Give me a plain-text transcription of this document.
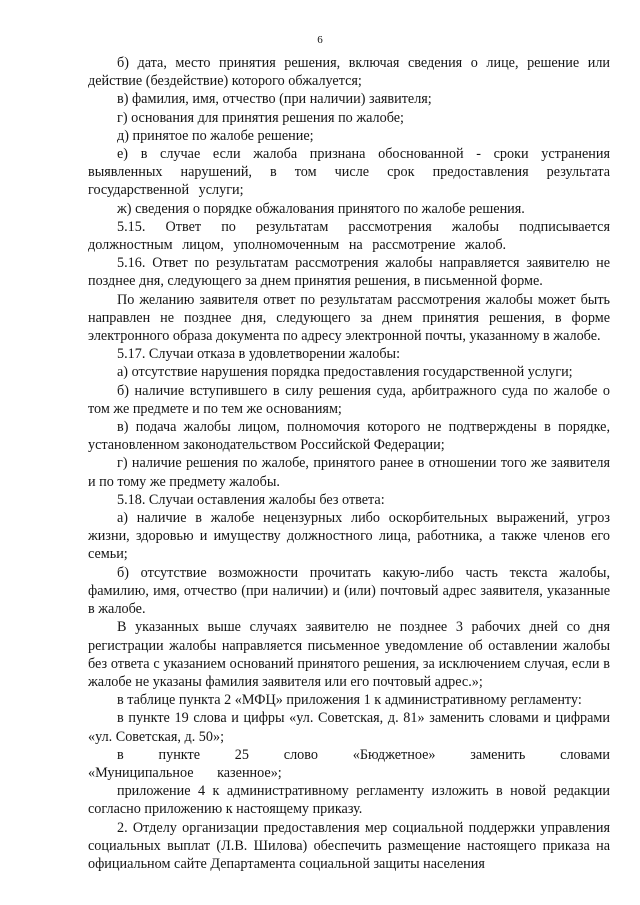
6

б) дата, место принятия решения, включая сведения о лице, решение или действие (бездействие) которого обжалуется;

в) фамилия, имя, отчество (при наличии) заявителя;

г) основания для принятия решения по жалобе;

д) принятое по жалобе решение;

е) в случае если жалоба признана обоснованной - сроки устранения выявленных нарушений, в том числе срок предоставления результата государственной услуги;

ж) сведения о порядке обжалования принятого по жалобе решения.

5.15. Ответ по результатам рассмотрения жалобы подписывается должностным лицом, уполномоченным на рассмотрение жалоб.

5.16. Ответ по результатам рассмотрения жалобы направляется заявителю не позднее дня, следующего за днем принятия решения, в письменной форме.

По желанию заявителя ответ по результатам рассмотрения жалобы может быть направлен не позднее дня, следующего за днем принятия решения, в форме электронного образа документа по адресу электронной почты, указанному в жалобе.

5.17. Случаи отказа в удовлетворении жалобы:

а) отсутствие нарушения порядка предоставления государственной услуги;

б) наличие вступившего в силу решения суда, арбитражного суда по жалобе о том же предмете и по тем же основаниям;

в) подача жалобы лицом, полномочия которого не подтверждены в порядке, установленном законодательством Российской Федерации;

г) наличие решения по жалобе, принятого ранее в отношении того же заявителя и по тому же предмету жалобы.

5.18. Случаи оставления жалобы без ответа:

а) наличие в жалобе нецензурных либо оскорбительных выражений, угроз жизни, здоровью и имуществу должностного лица, работника, а также членов его семьи;

б) отсутствие возможности прочитать какую-либо часть текста жалобы, фамилию, имя, отчество (при наличии) и (или) почтовый адрес заявителя, указанные в жалобе.

В указанных выше случаях заявителю не позднее 3 рабочих дней со дня регистрации жалобы направляется письменное уведомление об оставлении жалобы без ответа с указанием оснований принятого решения, за исключением случая, если в жалобе не указаны фамилия заявителя или его почтовый адрес.»;

в таблице пункта 2 «МФЦ» приложения 1 к административному регламенту:

в пункте 19 слова и цифры «ул. Советская, д. 81» заменить словами и цифрами «ул. Советская, д. 50»;

в пункте 25 слово «Бюджетное» заменить словами «Муниципальное казенное»;

приложение 4 к административному регламенту изложить в новой редакции согласно приложению к настоящему приказу.

2. Отделу организации предоставления мер социальной поддержки управления социальных выплат (Л.В. Шилова) обеспечить размещение настоящего приказа на официальном сайте Департамента социальной защиты населения
